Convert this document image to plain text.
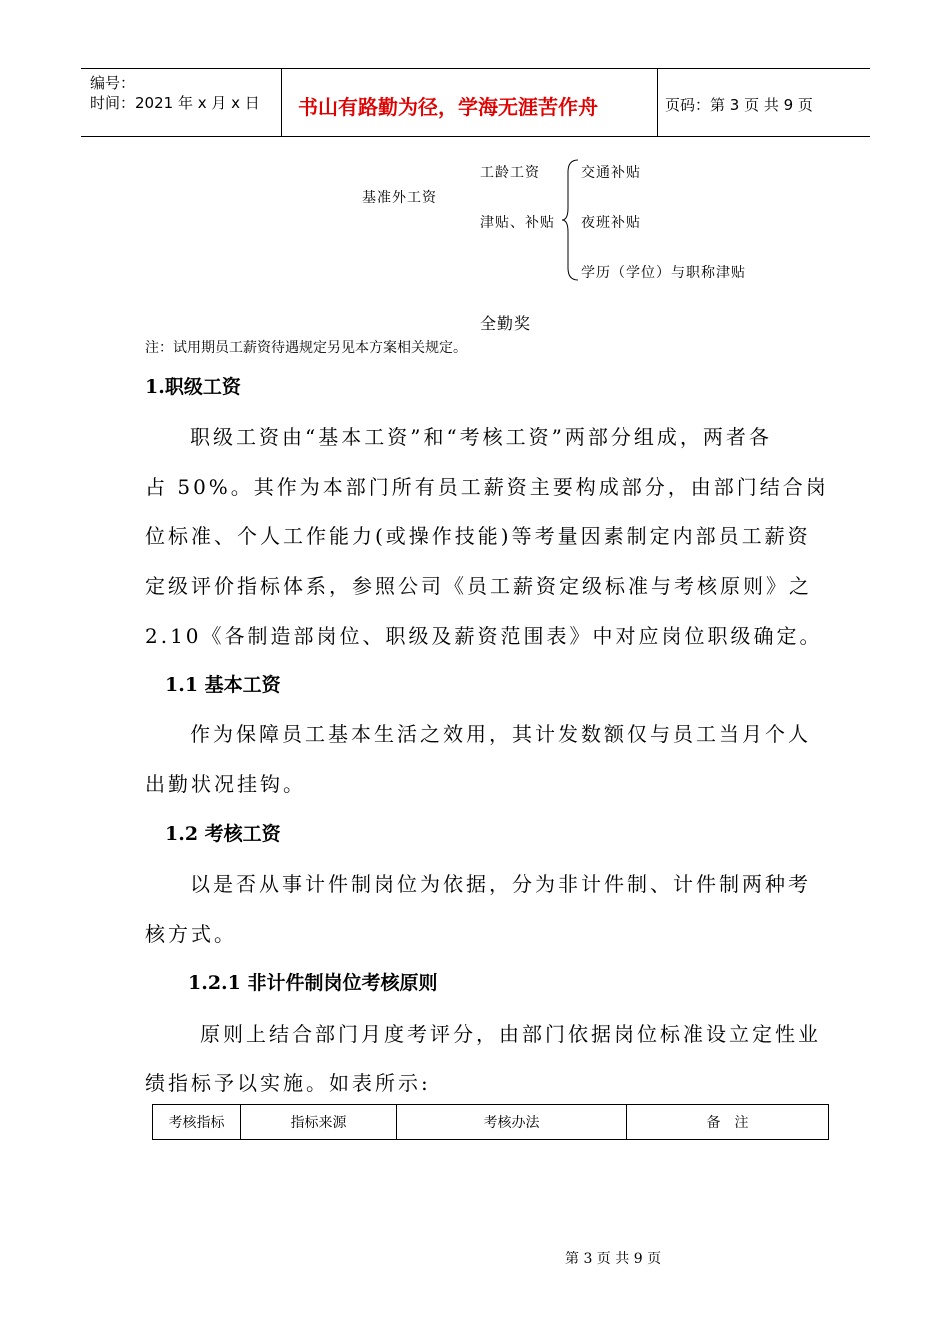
编号：
时间：2021 年 x 月 x 日 书山有路勤为径，学海无涯苦作舟	页码：第 3 页 共 9 页
基准外工资
工龄工资
津贴、补贴
交通补贴
夜班补贴
学历（学位）与职称津贴
全勤奖
注：试用期员工薪资待遇规定另见本方案相关规定。
1.职级工资
职级工资由“基本工资”和“考核工资”两部分组成，两者各
占 50%。其作为本部门所有员工薪资主要构成部分，由部门结合岗
位标准、个人工作能力(或操作技能)等考量因素制定内部员工薪资
定级评价指标体系，参照公司《员工薪资定级标准与考核原则》之
2.10《各制造部岗位、职级及薪资范围表》中对应岗位职级确定。
1.1 基本工资
作为保障员工基本生活之效用，其计发数额仅与员工当月个人
出勤状况挂钩。
1.2 考核工资
以是否从事计件制岗位为依据，分为非计件制、计件制两种考
核方式。
1.2.1 非计件制岗位考核原则
原则上结合部门月度考评分，由部门依据岗位标准设立定性业
绩指标予以实施。如表所示:
考核指标	指标来源	考核办法	备　注
第 3 页 共 9 页
